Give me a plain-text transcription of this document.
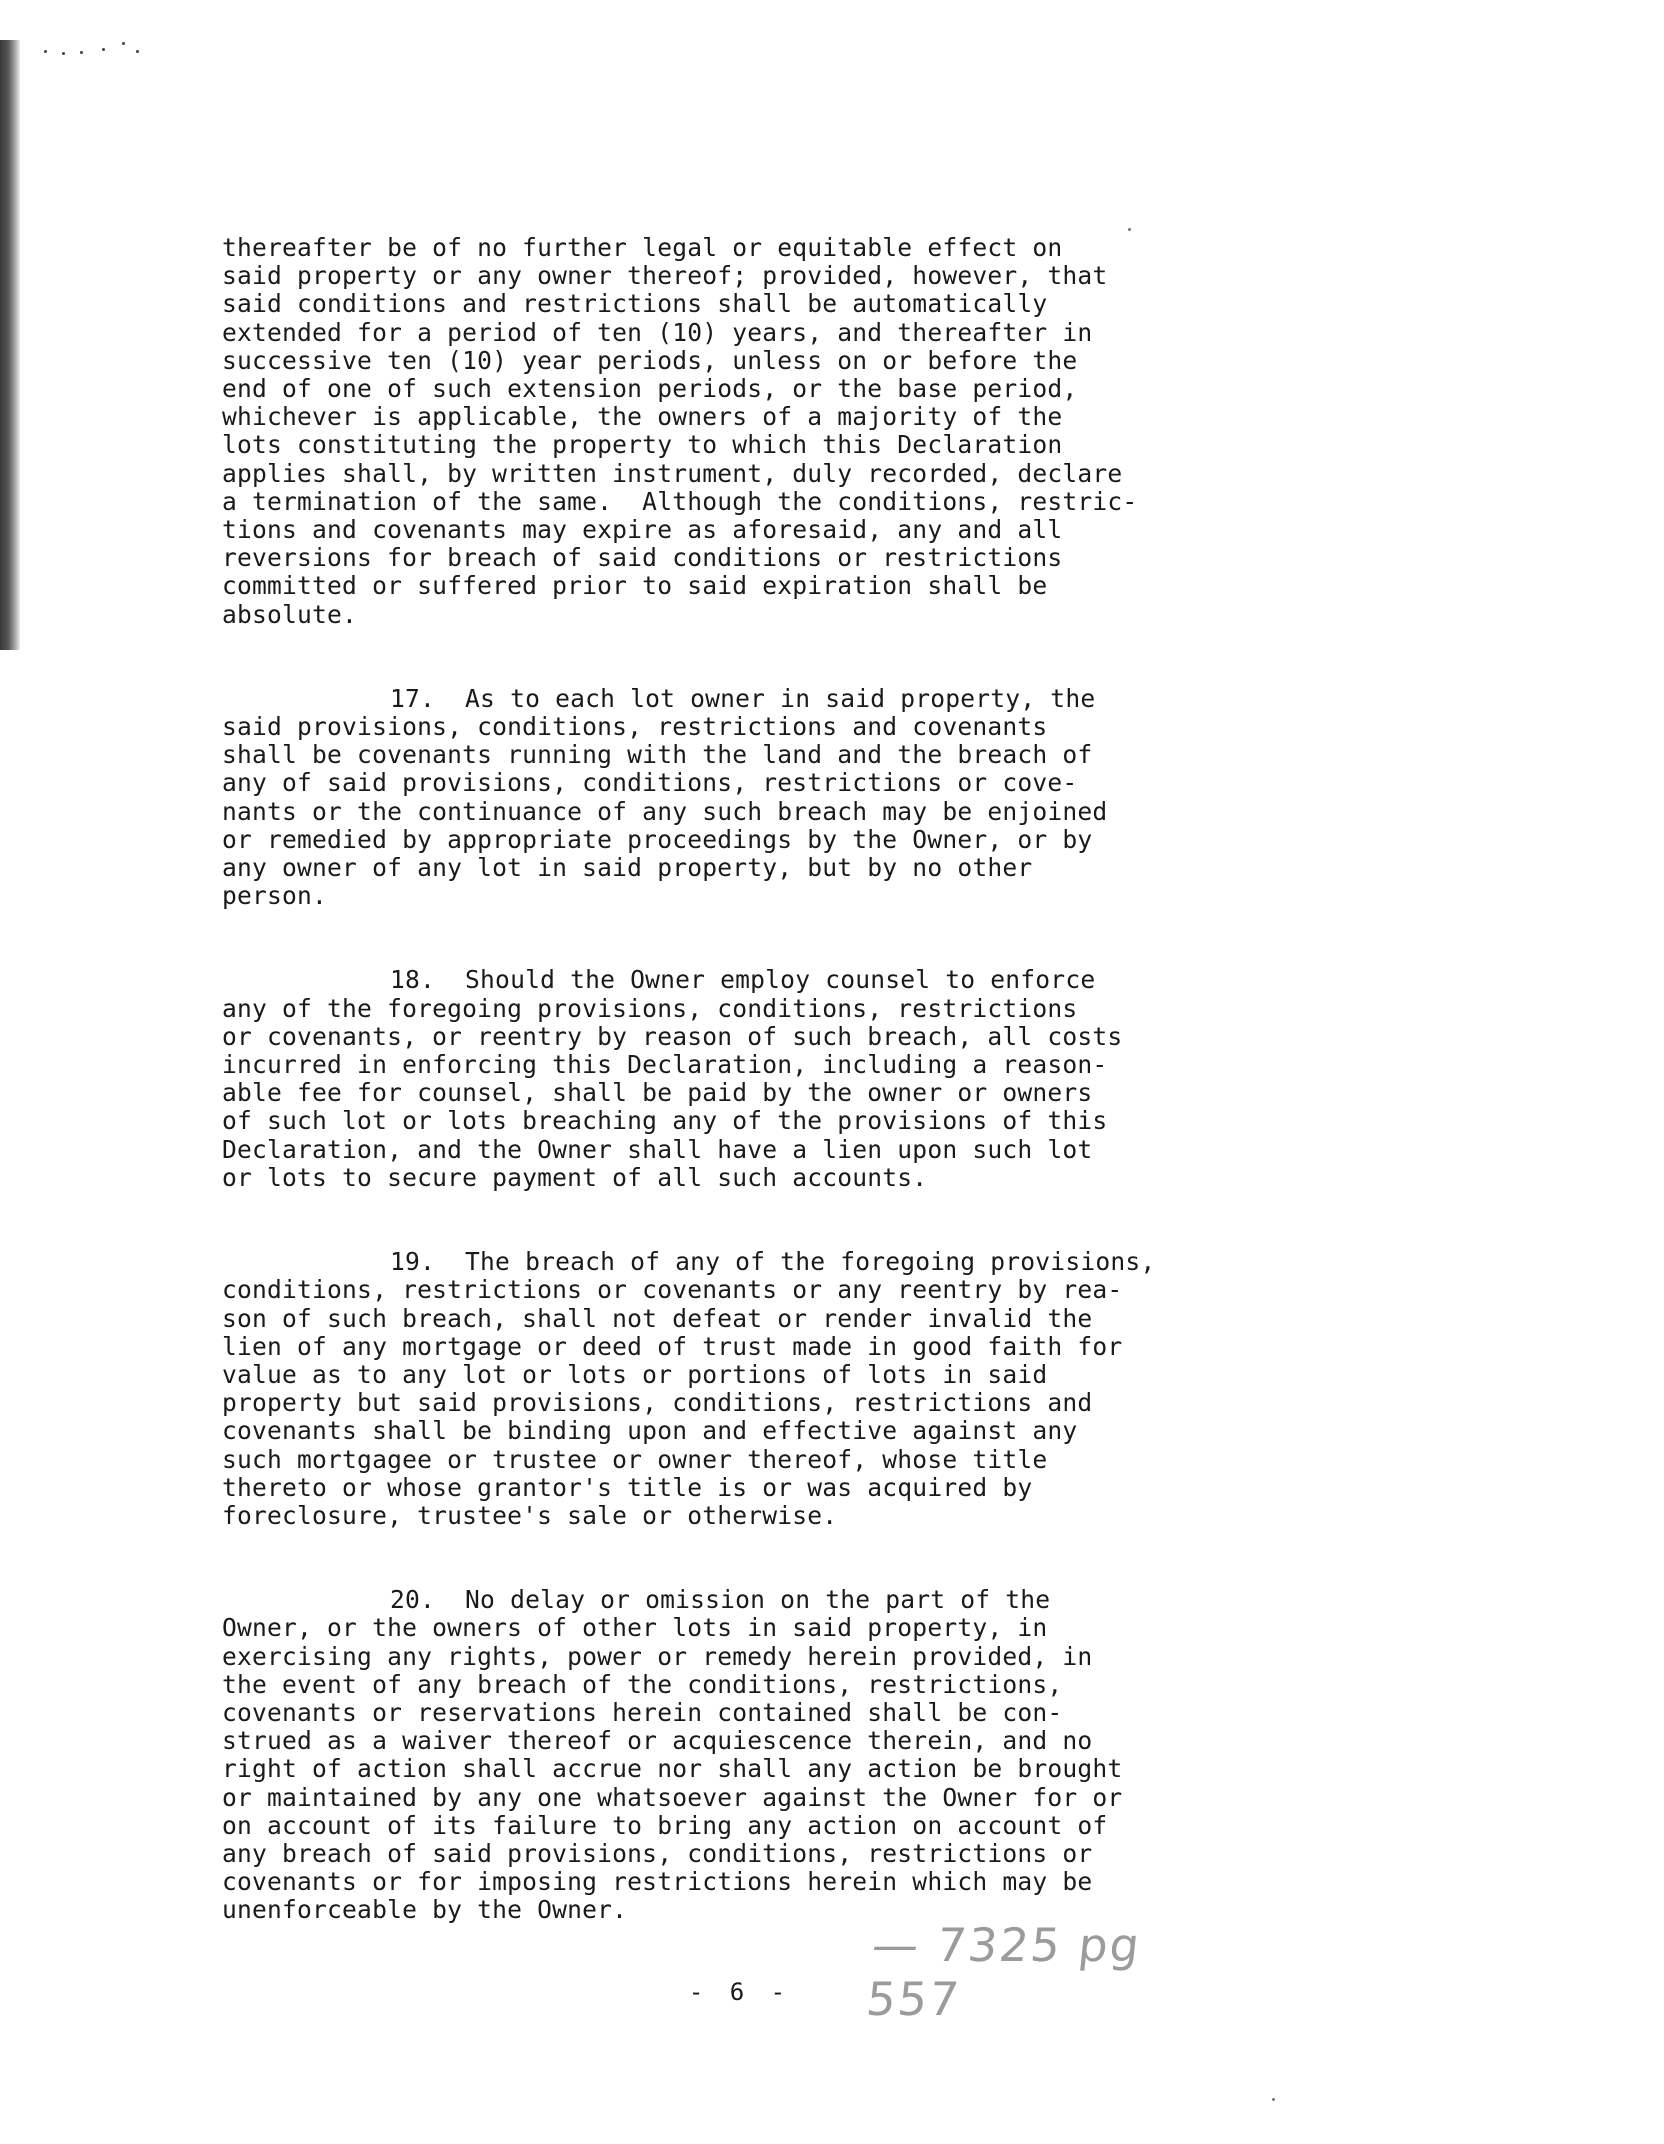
thereafter be of no further legal or equitable effect on
said property or any owner thereof; provided, however, that
said conditions and restrictions shall be automatically
extended for a period of ten (10) years, and thereafter in
successive ten (10) year periods, unless on or before the
end of one of such extension periods, or the base period,
whichever is applicable, the owners of a majority of the
lots constituting the property to which this Declaration
applies shall, by written instrument, duly recorded, declare
a termination of the same.  Although the conditions, restric-
tions and covenants may expire as aforesaid, any and all
reversions for breach of said conditions or restrictions
committed or suffered prior to said expiration shall be
absolute.
17.  As to each lot owner in said property, the
said provisions, conditions, restrictions and covenants
shall be covenants running with the land and the breach of
any of said provisions, conditions, restrictions or cove-
nants or the continuance of any such breach may be enjoined
or remedied by appropriate proceedings by the Owner, or by
any owner of any lot in said property, but by no other
person.
18.  Should the Owner employ counsel to enforce
any of the foregoing provisions, conditions, restrictions
or covenants, or reentry by reason of such breach, all costs
incurred in enforcing this Declaration, including a reason-
able fee for counsel, shall be paid by the owner or owners
of such lot or lots breaching any of the provisions of this
Declaration, and the Owner shall have a lien upon such lot
or lots to secure payment of all such accounts.
19.  The breach of any of the foregoing provisions,
conditions, restrictions or covenants or any reentry by rea-
son of such breach, shall not defeat or render invalid the
lien of any mortgage or deed of trust made in good faith for
value as to any lot or lots or portions of lots in said
property but said provisions, conditions, restrictions and
covenants shall be binding upon and effective against any
such mortgagee or trustee or owner thereof, whose title
thereto or whose grantor's title is or was acquired by
foreclosure, trustee's sale or otherwise.
20.  No delay or omission on the part of the
Owner, or the owners of other lots in said property, in
exercising any rights, power or remedy herein provided, in
the event of any breach of the conditions, restrictions,
covenants or reservations herein contained shall be con-
strued as a waiver thereof or acquiescence therein, and no
right of action shall accrue nor shall any action be brought
or maintained by any one whatsoever against the Owner for or
on account of its failure to bring any action on account of
any breach of said provisions, conditions, restrictions or
covenants or for imposing restrictions herein which may be
unenforceable by the Owner.
— 7325 pg 557
- 6 -
